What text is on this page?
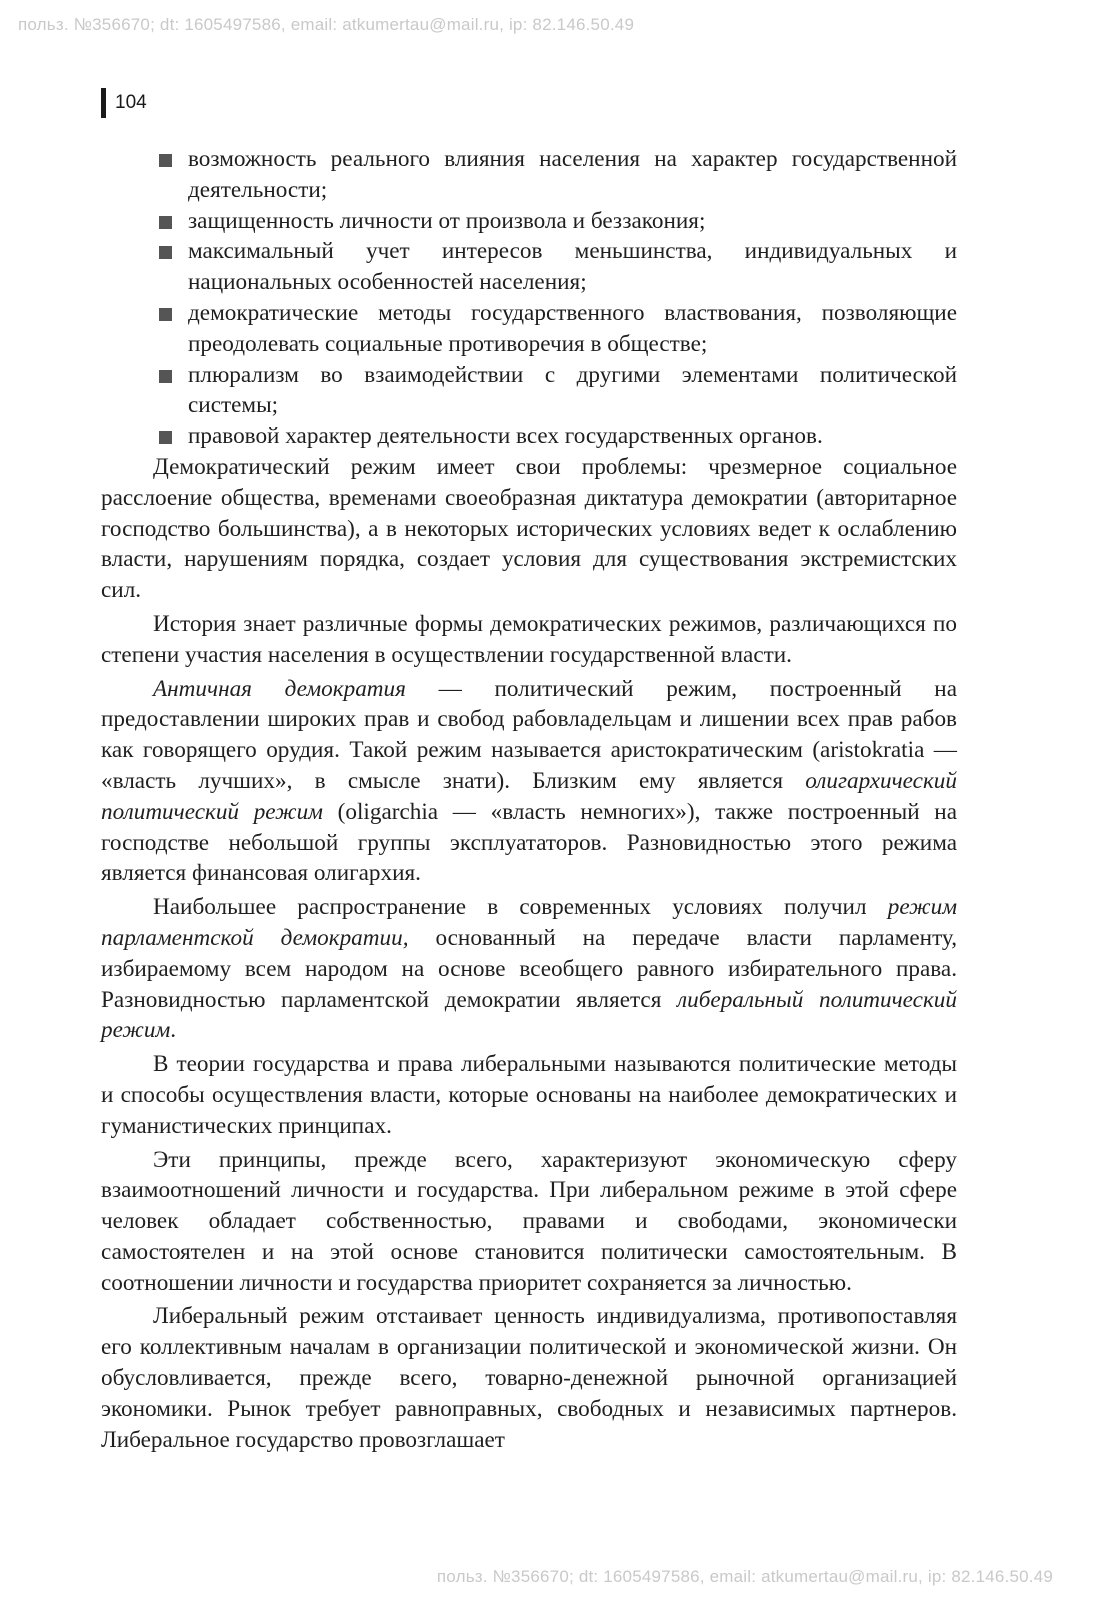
польз. №356670; dt: 1605497586, email: atkumertau@mail.ru, ip: 82.146.50.49
104
возможность реального влияния населения на характер государственной деятельности;
защищенность личности от произвола и беззакония;
максимальный учет интересов меньшинства, индивидуальных и национальных особенностей населения;
демократические методы государственного властвования, позволяющие преодолевать социальные противоречия в обществе;
плюрализм во взаимодействии с другими элементами политической системы;
правовой характер деятельности всех государственных органов.

Демократический режим имеет свои проблемы: чрезмерное социальное расслоение общества, временами своеобразная диктатура демократии (авторитарное господство большинства), а в некоторых исторических условиях ведет к ослаблению власти, нарушениям порядка, создает условия для существования экстремистских сил.

История знает различные формы демократических режимов, различающихся по степени участия населения в осуществлении государственной власти.

Античная демократия — политический режим, построенный на предоставлении широких прав и свобод рабовладельцам и лишении всех прав рабов как говорящего орудия. Такой режим называется аристократическим (aristokratia — «власть лучших», в смысле знати). Близким ему является олигархический политический режим (oligarchia — «власть немногих»), также построенный на господстве небольшой группы эксплуататоров. Разновидностью этого режима является финансовая олигархия.

Наибольшее распространение в современных условиях получил режим парламентской демократии, основанный на передаче власти парламенту, избираемому всем народом на основе всеобщего равного избирательного права. Разновидностью парламентской демократии является либеральный политический режим.

В теории государства и права либеральными называются политические методы и способы осуществления власти, которые основаны на наиболее демократических и гуманистических принципах.

Эти принципы, прежде всего, характеризуют экономическую сферу взаимоотношений личности и государства. При либеральном режиме в этой сфере человек обладает собственностью, правами и свободами, экономически самостоятелен и на этой основе становится политически самостоятельным. В соотношении личности и государства приоритет сохраняется за личностью.

Либеральный режим отстаивает ценность индивидуализма, противопоставляя его коллективным началам в организации политической и экономической жизни. Он обусловливается, прежде всего, товарно-денежной рыночной организацией экономики. Рынок требует равноправных, свободных и независимых партнеров. Либеральное государство провозглашает

польз. №356670; dt: 1605497586, email: atkumertau@mail.ru, ip: 82.146.50.49
